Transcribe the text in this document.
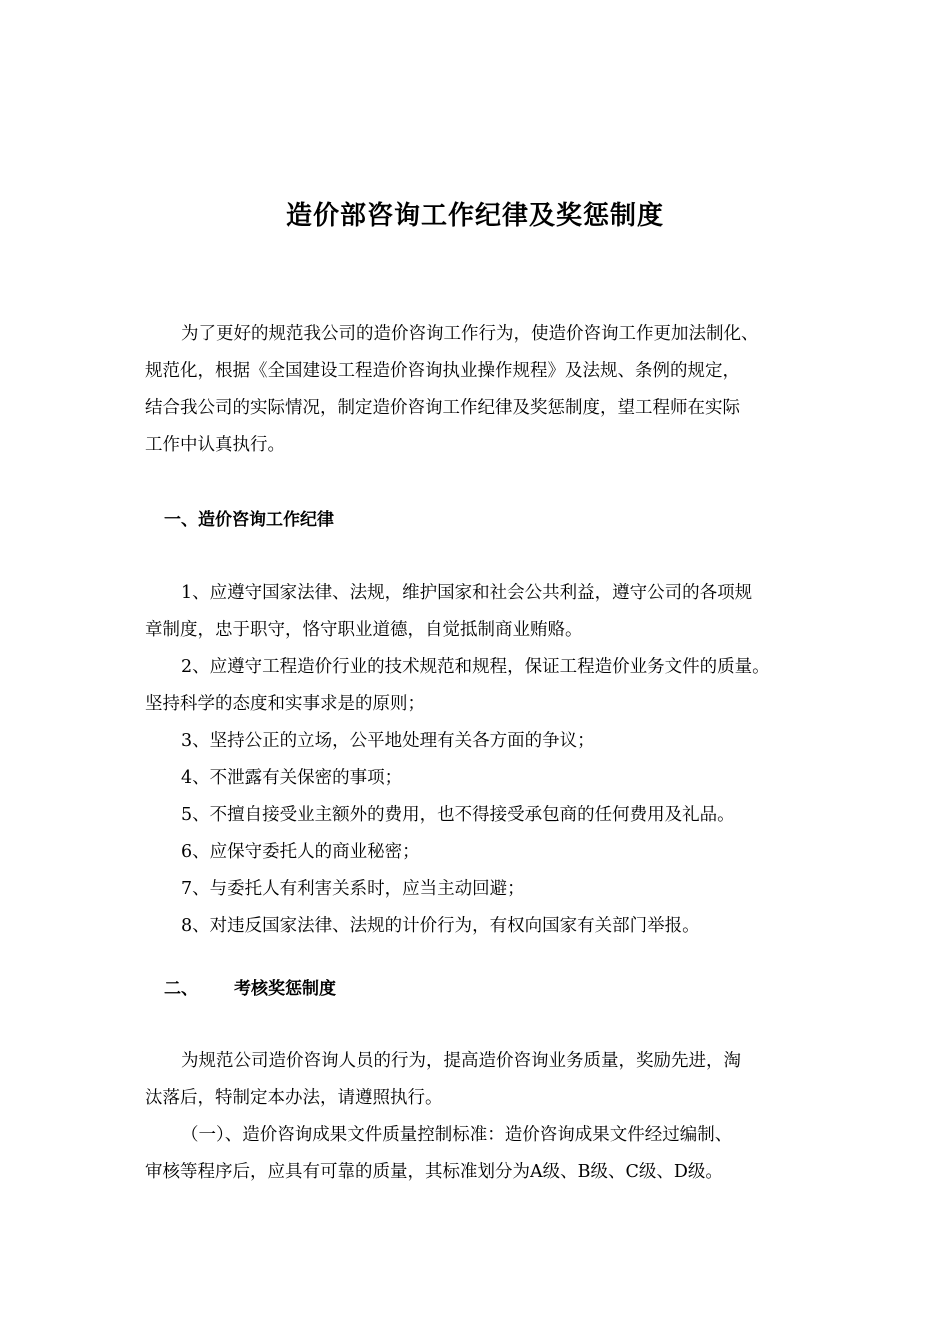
造价部咨询工作纪律及奖惩制度
为了更好的规范我公司的造价咨询工作行为，使造价咨询工作更加法制化、
规范化，根据《全国建设工程造价咨询执业操作规程》及法规、条例的规定，
结合我公司的实际情况，制定造价咨询工作纪律及奖惩制度，望工程师在实际
工作中认真执行。
一、造价咨询工作纪律
1、应遵守国家法律、法规，维护国家和社会公共利益，遵守公司的各项规
章制度，忠于职守，恪守职业道德，自觉抵制商业贿赂。
2、应遵守工程造价行业的技术规范和规程，保证工程造价业务文件的质量。
坚持科学的态度和实事求是的原则；
3、坚持公正的立场，公平地处理有关各方面的争议；
4、不泄露有关保密的事项；
5、不擅自接受业主额外的费用，也不得接受承包商的任何费用及礼品。
6、应保守委托人的商业秘密；
7、与委托人有利害关系时，应当主动回避；
8、对违反国家法律、法规的计价行为，有权向国家有关部门举报。
二、 考核奖惩制度
为规范公司造价咨询人员的行为，提高造价咨询业务质量，奖励先进，淘
汰落后，特制定本办法，请遵照执行。
（一）、造价咨询成果文件质量控制标准：造价咨询成果文件经过编制、
审核等程序后，应具有可靠的质量，其标准划分为A级、B级、C级、D级。
